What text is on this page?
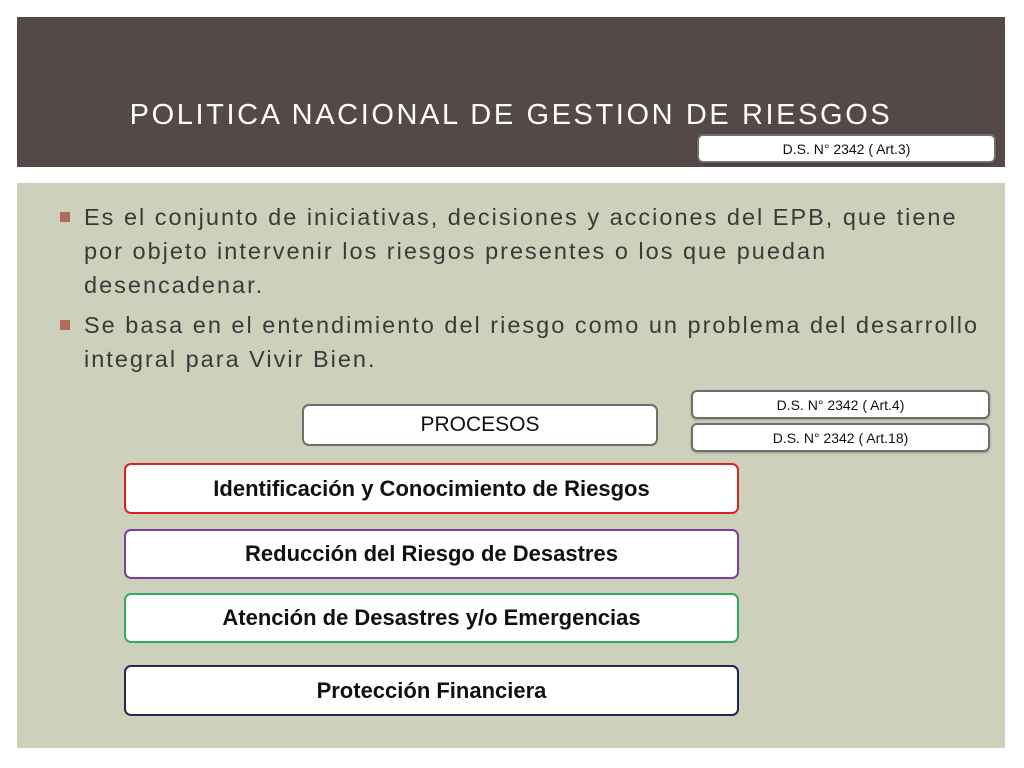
POLITICA NACIONAL DE GESTION DE RIESGOS
D.S. N° 2342 ( Art.3)
Es el conjunto de iniciativas, decisiones y acciones del EPB, que tiene por objeto intervenir los riesgos presentes o los que puedan desencadenar.
Se basa en el entendimiento del riesgo como un problema del desarrollo integral para Vivir Bien.
D.S. N° 2342 ( Art.4)
D.S. N° 2342 ( Art.18)
PROCESOS
Identificación y Conocimiento de Riesgos
Reducción del Riesgo de Desastres
Atención de Desastres y/o Emergencias
Protección Financiera
